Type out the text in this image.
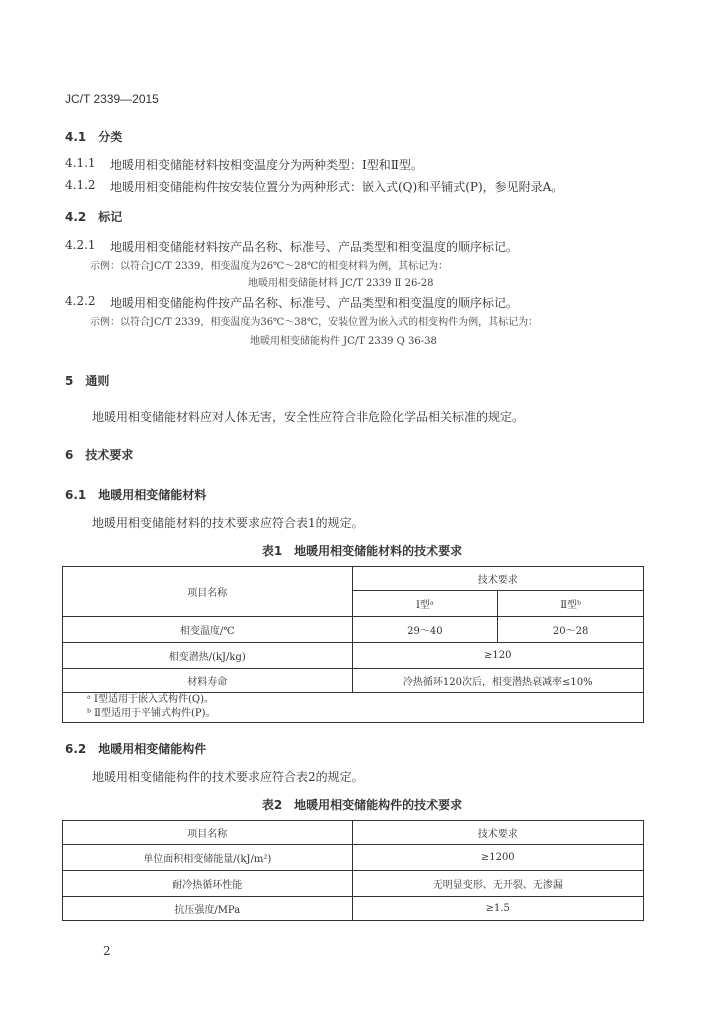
JC/T 2339—2015
4.1　分类
4.1.1 地暖用相变储能材料按相变温度分为两种类型：Ⅰ型和Ⅱ型。
4.1.2 地暖用相变储能构件按安装位置分为两种形式：嵌入式(Q)和平铺式(P)，参见附录A。
4.2　标记
4.2.1 地暖用相变储能材料按产品名称、标准号、产品类型和相变温度的顺序标记。
示例：以符合JC/T 2339，相变温度为26℃～28℃的相变材料为例，其标记为：
地暖用相变储能材料 JC/T 2339 Ⅱ 26-28
4.2.2 地暖用相变储能构件按产品名称、标准号、产品类型和相变温度的顺序标记。
示例：以符合JC/T 2339，相变温度为36℃～38℃，安装位置为嵌入式的相变构件为例，其标记为：
地暖用相变储能构件 JC/T 2339 Q 36-38
5　通则
地暖用相变储能材料应对人体无害，安全性应符合非危险化学品相关标准的规定。
6　技术要求
6.1　地暖用相变储能材料
地暖用相变储能材料的技术要求应符合表1的规定。
表1　地暖用相变储能材料的技术要求
项目名称	技术要求	
	Ⅰ型ᵃ	Ⅱ型ᵇ
相变温度/℃	29～40	20～28
相变潜热/(kJ/kg)	≥120	
材料寿命	冷热循环120次后，相变潜热衰减率≤10%	

ᵃ Ⅰ型适用于嵌入式构件(Q)。
ᵇ Ⅱ型适用于平铺式构件(P)。		
6.2　地暖用相变储能构件
地暖用相变储能构件的技术要求应符合表2的规定。
表2　地暖用相变储能构件的技术要求
项目名称	技术要求
单位面积相变储能量/(kJ/m²)	≥1200
耐冷热循环性能	无明显变形、无开裂、无渗漏
抗压强度/MPa	≥1.5
2
